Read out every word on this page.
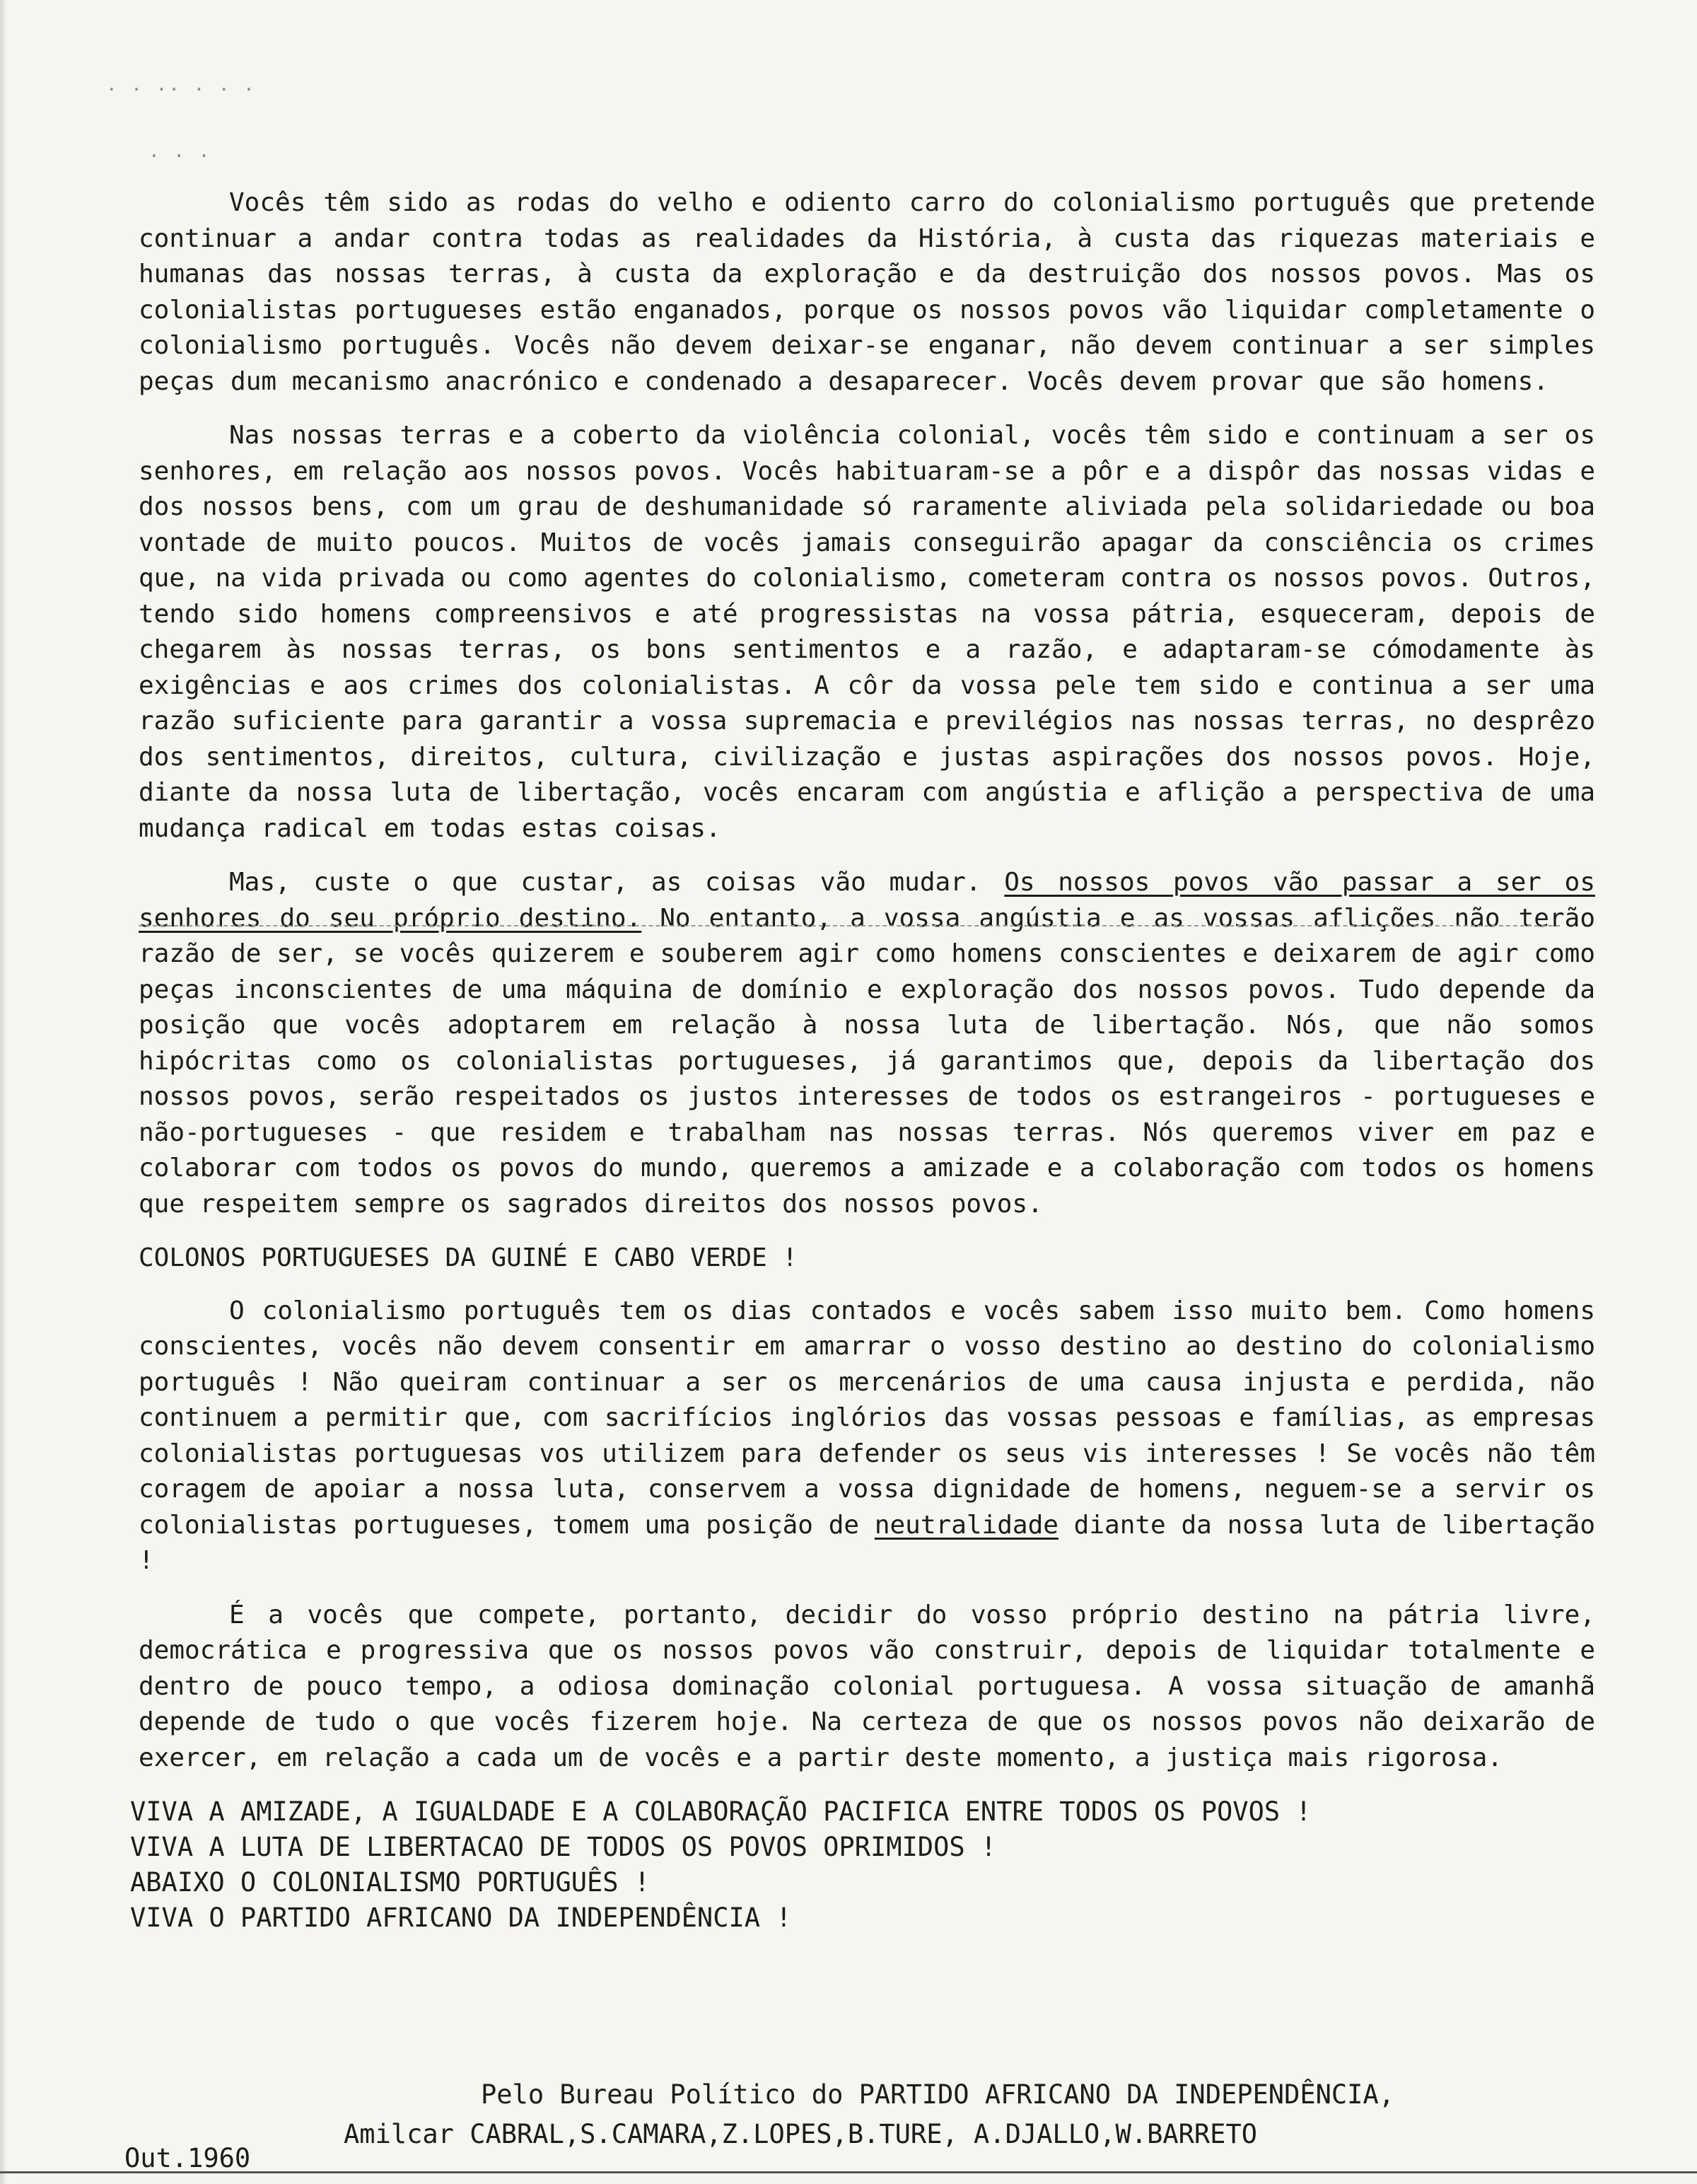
· · ·· · · ·
· · ·

Vocês têm sido as rodas do velho e odiento carro do colonialismo português que pretende continuar a andar contra todas as realidades da História, à custa das riquezas materiais e humanas das nossas terras, à custa da exploração e da destruição dos nossos povos. Mas os colonialistas portugueses estão enganados, porque os nossos povos vão liquidar completamente o colonialismo português. Vocês não devem deixar-se enganar, não devem continuar a ser simples peças dum mecanismo anacrónico e condenado a desaparecer. Vocês devem provar que são homens.

Nas nossas terras e a coberto da violência colonial, vocês têm sido e continuam a ser os senhores, em relação aos nossos povos. Vocês habituaram-se a pôr e a dispôr das nossas vidas e dos nossos bens, com um grau de deshumanidade só raramente aliviada pela solidariedade ou boa vontade de muito poucos. Muitos de vocês jamais conseguirão apagar da consciência os crimes que, na vida privada ou como agentes do colonialismo, cometeram contra os nossos povos. Outros, tendo sido homens compreensivos e até progressistas na vossa pátria, esqueceram, depois de chegarem às nossas terras, os bons sentimentos e a razão, e adaptaram-se cómodamente às exigências e aos crimes dos colonialistas. A côr da vossa pele tem sido e continua a ser uma razão suficiente para garantir a vossa supremacia e previlégios nas nossas terras, no desprêzo dos sentimentos, direitos, cultura, civilização e justas aspirações dos nossos povos. Hoje, diante da nossa luta de libertação, vocês encaram com angústia e aflição a perspectiva de uma mudança radical em todas estas coisas.

Mas, custe o que custar, as coisas vão mudar. Os nossos povos vão passar a ser os senhores do seu próprio destino. No entanto, a vossa angústia e as vossas aflições não terão razão de ser, se vocês quizerem e souberem agir como homens conscientes e deixarem de agir como peças inconscientes de uma máquina de domínio e exploração dos nossos povos. Tudo depende da posição que vocês adoptarem em relação à nossa luta de libertação. Nós, que não somos hipócritas como os colonialistas portugueses, já garantimos que, depois da libertação dos nossos povos, serão respeitados os justos interesses de todos os estrangeiros - portugueses e não-portugueses - que residem e trabalham nas nossas terras. Nós queremos viver em paz e colaborar com todos os povos do mundo, queremos a amizade e a colaboração com todos os homens que respeitem sempre os sagrados direitos dos nossos povos.

COLONOS PORTUGUESES DA GUINÉ E CABO VERDE !

O colonialismo português tem os dias contados e vocês sabem isso muito bem. Como homens conscientes, vocês não devem consentir em amarrar o vosso destino ao destino do colonialismo português ! Não queiram continuar a ser os mercenários de uma causa injusta e perdida, não continuem a permitir que, com sacrifícios inglórios das vossas pessoas e famílias, as empresas colonialistas portuguesas vos utilizem para defender os seus vis interesses ! Se vocês não têm coragem de apoiar a nossa luta, conservem a vossa dignidade de homens, neguem-se a servir os colonialistas portugueses, tomem uma posição de neutralidade diante da nossa luta de libertação !

É a vocês que compete, portanto, decidir do vosso próprio destino na pátria livre, democrática e progressiva que os nossos povos vão construir, depois de liquidar totalmente e dentro de pouco tempo, a odiosa dominação colonial portuguesa. A vossa situação de amanhã depende de tudo o que vocês fizerem hoje. Na certeza de que os nossos povos não deixarão de exercer, em relação a cada um de vocês e a partir deste momento, a justiça mais rigorosa.

VIVA A AMIZADE, A IGUALDADE E A COLABORAÇÃO PACIFICA ENTRE TODOS OS POVOS !
VIVA A LUTA DE LIBERTACAO DE TODOS OS POVOS OPRIMIDOS !
ABAIXO O COLONIALISMO PORTUGUÊS !
VIVA O PARTIDO AFRICANO DA INDEPENDÊNCIA !
Pelo Bureau Político do PARTIDO AFRICANO DA INDEPENDÊNCIA,
Amilcar CABRAL,S.CAMARA,Z.LOPES,B.TURE, A.DJALLO,W.BARRETO
Out.1960
